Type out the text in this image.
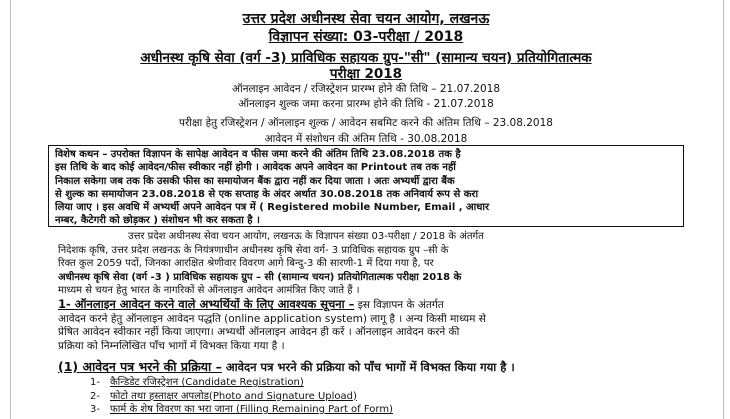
उत्तर प्रदेश अधीनस्थ सेवा चयन आयोग, लखनऊ
विज्ञापन संख्या: 03-परीक्षा / 2018
अधीनस्थ कृषि सेवा (वर्ग -3) प्राविधिक सहायक ग्रुप-"सी" (सामान्य चयन) प्रतियोगितात्मक
परीक्षा 2018
ऑनलाइन आवेदन / रजिस्ट्रेशन प्रारम्भ होने की तिथि – 21.07.2018
ऑनलाइन शुल्क जमा करना प्रारम्भ होने की तिथि - 21.07.2018
परीक्षा हेतु रजिस्ट्रेशन / ऑनलाइन शुल्क / आवेदन सबमिट करने की अंतिम तिथि – 23.08.2018
आवेदन में संशोधन की अंतिम तिथि - 30.08.2018
विशेष कथन – उपरोक्त विज्ञापन के सापेक्ष आवेदन व फीस जमा करने की अंतिम तिथि 23.08.2018 तक है
इस तिथि के बाद कोई आवेदन/फीस स्वीकार नहीं होगी । आवेदक अपने आवेदन का Printout तब तक नहीं
निकाल सकेगा जब तक कि उसकी फीस का समायोजन बैंक द्वारा नहीं कर दिया जाता । अतः अभ्यर्थी द्वारा बैंक
से शुल्क का समायोजन 23.08.2018 से एक सप्ताह के अंदर अर्थात 30.08.2018 तक अनिवार्य रूप से करा
लिया जाए । इस अवधि में अभ्यर्थी अपने आवेदन पत्र में ( Registered mobile Number, Email , आधार
नम्बर, कैटेगरी को छोड़कर ) संशोधन भी कर सकता है ।
उत्तर प्रदेश अधीनस्थ सेवा चयन आयोग, लखनऊ के विज्ञापन संख्या 03-परीक्षा / 2018 के अंतर्गत
निदेशक कृषि, उत्तर प्रदेश लखनऊ के नियंत्रणाधीन अधीनस्थ कृषि सेवा वर्ग- 3 प्राविधिक सहायक ग्रुप –सी के
रिक्त कुल 2059 पदों, जिनका आरक्षित श्रेणीवार विवरण आगे बिन्दु-3 की सारणी-1 में दिया गया है, पर
अधीनस्थ कृषि सेवा (वर्ग -3 ) प्राविधिक सहायक ग्रुप – सी (सामान्य चयन) प्रतियोगितात्मक परीक्षा 2018 के
माध्यम से चयन हेतु भारत के नागरिकों से ऑनलाइन आवेदन आमंत्रित किए जाते हैं ।
1- ऑनलाइन आवेदन करने वाले अभ्यर्थियों के लिए आवश्यक सूचना – इस विज्ञापन के अंतर्गत
आवेदन करने हेतु ऑनलाइन आवेदन पद्धति (online application system) लागू है । अन्य किसी माध्यम से
प्रेषित आवेदन स्वीकार नहीं किया जाएगा। अभ्यर्थी ऑनलाइन आवेदन ही करें । ऑनलाइन आवेदन करने की
प्रक्रिया को निम्नलिखित पाँच भागों में विभक्त किया गया है ।
(1) आवेदन पत्र भरने की प्रक्रिया – आवेदन पत्र भरने की प्रक्रिया को पाँच भागों में विभक्त किया गया है ।
1- कैन्डिडेट रजिस्ट्रेशन (Candidate Registration)
2- फोटो तथा हस्ताक्षर अपलोड(Photo and Signature Upload)
3- फार्म के शेष विवरण का भरा जाना (Filling Remaining Part of Form)
